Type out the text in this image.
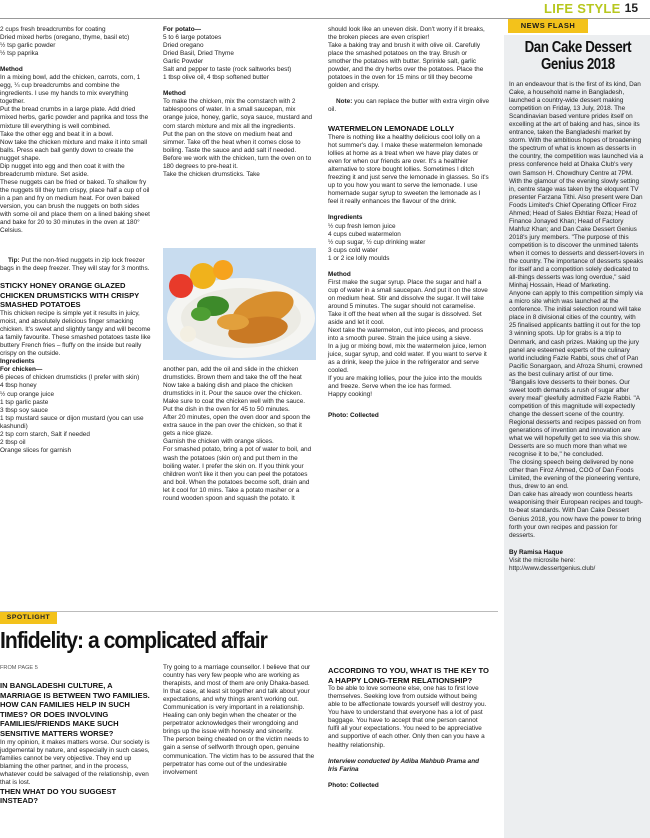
LIFE STYLE 15

2 cups fresh breadcrumbs for coating
Dried mixed herbs (oregano, thyme, basil etc)
½ tsp garlic powder
½ tsp paprika

Method

In a mixing bowl, add the chicken, carrots, corn, 1 egg, ¼ cup breadcrumbs and combine the ingredients. I use my hands to mix everything together.
Put the bread crumbs in a large plate. Add dried mixed herbs, garlic powder and paprika and toss the mixture till everything is well combined.
Take the other egg and beat it in a bowl.
Now take the chicken mixture and make it into small balls. Press each ball gently down to create the nugget shape.
Dip nugget into egg and then coat it with the breadcrumb mixture. Set aside.
These nuggets can be fried or baked. To shallow fry the nuggets till they turn crispy, place half a cup of oil in a pan and fry on medium heat. For oven baked version, you can brush the nuggets on both sides with some oil and place them on a lined baking sheet and bake for 20 to 30 minutes in the oven at 180° Celsius.

Tip: Put the non-fried nuggets in zip lock freezer bags in the deep freezer. They will stay for 3 months.

STICKY HONEY ORANGE GLAZED CHICKEN DRUMSTICKS WITH CRISPY SMASHED POTATOES

This chicken recipe is simple yet it results in juicy, moist, and absolutely delicious finger smacking chicken. It's sweet and slightly tangy and will become a family favourite. These smashed potatoes taste like buttery French fries – fluffy on the inside but really crispy on the outside.

Ingredients

For chicken—

6 pieces of chicken drumsticks (I prefer with skin)
4 tbsp honey
½ cup orange juice
1 tsp garlic paste
3 tbsp soy sauce
1 tsp mustard sauce or dijon mustard (you can use kashundi)
2 tsp corn starch, Salt if needed
2 tbsp oil
Orange slices for garnish

For potato—

5 to 6 large potatoes
Dried oregano
Dried Basil, Dried Thyme
Garlic Powder
Salt and pepper to taste (rock saltworks best)
1 tbsp olive oil, 4 tbsp softened butter

Method

To make the chicken, mix the cornstarch with 2 tablespoons of water. In a small saucepan, mix orange juice, honey, garlic, soya sauce, mustard and corn starch mixture and mix all the ingredients.
Put the pan on the stove on medium heat and simmer. Take off the heat when it comes close to boiling. Taste the sauce and add salt if needed. Before we work with the chicken, turn the oven on to 180 degrees to pre-heat it.
Take the chicken drumsticks. Take

another pan, add the oil and slide in the chicken drumsticks. Brown them and take the off the heat
Now take a baking dish and place the chicken drumsticks in it. Pour the sauce over the chicken. Make sure to coat the chicken well with the sauce. Put the dish in the oven for 45 to 50 minutes.
After 20 minutes, open the oven door and spoon the extra sauce in the pan over the chicken, so that it gets a nice glaze.
Garnish the chicken with orange slices.
For smashed potato, bring a pot of water to boil, and wash the potatoes (skin on) and put them in the boiling water. I prefer the skin on. If you think your children won't like it then you can peel the potatoes and boil. When the potatoes become soft, drain and let it cool for 10 mins. Take a potato masher or a round wooden spoon and squash the potato. It

should look like an uneven disk. Don't worry if it breaks, the broken pieces are even crispier!
Take a baking tray and brush it with olive oil. Carefully place the smashed potatoes on the tray. Brush or smother the potatoes with butter. Sprinkle salt, garlic powder, and the dry herbs over the potatoes. Place the potatoes in the oven for 15 mins or till they become golden and crispy.

Note: you can replace the butter with extra virgin olive oil.

WATERMELON LEMONADE LOLLY

There is nothing like a healthy delicious cool lolly on a hot summer's day. I make these watermelon lemonade lollies at home as a treat when we have play dates or even for when our friends are over. It's a healthier alternative to store bought lollies. Sometimes I ditch freezing it and just serve the lemonade in glasses. So it's up to you how you want to serve the lemonade. I use homemade sugar syrup to sweeten the lemonade as I feel it really enhances the flavour of the drink.

Ingredients

½ cup fresh lemon juice
4 cups cubed watermelon
½ cup sugar, ½ cup drinking water
3 cups cold water
1 or 2 ice lolly moulds

Method

First make the sugar syrup. Place the sugar and half a cup of water in a small saucepan. And put it on the stove on medium heat. Stir and dissolve the sugar. It will take around 5 minutes. The sugar should not caramelise. Take it off the heat when all the sugar is dissolved. Set aside and let it cool.
Next take the watermelon, cut into pieces, and process into a smooth puree. Strain the juice using a sieve.
In a jug or mixing bowl, mix the watermelon juice, lemon juice, sugar syrup, and cold water. If you want to serve it as a drink, keep the juice in the refrigerator and serve cooled.
If you are making lollies, pour the juice into the moulds and freeze. Serve when the ice has formed.
Happy cooking!

Photo: Collected

NEWS FLASH
Dan Cake Dessert Genius 2018

In an endeavour that is the first of its kind, Dan Cake, a household name in Bangladesh, launched a country-wide dessert making competition on Friday, 13 July, 2018. The Scandinavian based venture prides itself on excelling at the art of baking and has, since its entrance, taken the Bangladeshi market by storm. With the ambitious hopes of broadening the spectrum of what is known as desserts in the country, the competition was launched via a press conference held at Dhaka Club's very own Samson H. Chowdhury Centre at 7PM.
With the glamour of the evening slowly setting in, centre stage was taken by the eloquent TV presenter Farzana Tithi. Also present were Dan Foods Limited's Chief Operating Officer Firoz Ahmed; Head of Sales Ekhtiar Reza; Head of Finance Jonayed Khan; Head of Factory Mahfuz Khan; and Dan Cake Dessert Genius 2018's jury members. "The purpose of this competition is to discover the unmined talents when it comes to desserts and dessert-lovers in the country. The importance of desserts speaks for itself and a competition solely dedicated to all-things desserts was long overdue," said Minhaj Hossain, Head of Marketing.
Anyone can apply to this competition simply via a micro site which was launched at the conference. The initial selection round will take place in 8 divisional cities of the country, with 25 finalised applicants battling it out for the top 3 winning spots. Up for grabs is a trip to Denmark, and cash prizes. Making up the jury panel are esteemed experts of the culinary world including Fazle Rabbi, sous chef of Pan Pacific Sonargaon, and Afroza Shumi, crowned as the best culinary artist of our time.
"Bangalis love desserts to their bones. Our sweet tooth demands a rush of sugar after every meal" gleefully admitted Fazle Rabbi. "A competition of this magnitude will expectedly change the dessert scene of the country. Regional desserts and recipes passed on from generations of invention and innovation are what we will hopefully get to see via this show. Desserts are so much more than what we recognise it to be," he concluded.
The closing speech being delivered by none other than Firoz Ahmed, COO of Dan Foods Limited, the evening of the pioneering venture, thus, drew to an end.
Dan cake has already won countless hearts weaponising their European recipes and tough-to-beat standards. With Dan Cake Dessert Genius 2018, you now have the power to bring forth your own recipes and passion for desserts.

By Ramisa Haque

Visit the microsite here:

http://www.dessertgenius.club/

SPOTLIGHT
Infidelity: a complicated affair

FROM PAGE 5

IN BANGLADESHI CULTURE, A MARRIAGE IS BETWEEN TWO FAMILIES. HOW CAN FAMILIES HELP IN SUCH TIMES? OR DOES INVOLVING FAMILIES/FRIENDS MAKE SUCH SENSITIVE MATTERS WORSE?

In my opinion, it makes matters worse. Our society is judgemental by nature, and especially in such cases, families cannot be very objective. They end up blaming the other partner, and in the process, whatever could be salvaged of the relationship, even that is lost.

THEN WHAT DO YOU SUGGEST INSTEAD?

Try going to a marriage counsellor. I believe that our country has very few people who are working as therapists, and most of them are only Dhaka-based. In that case, at least sit together and talk about your expectations, and why things aren't working out. Communication is very important in a relationship.
Healing can only begin when the cheater or the perpetrator acknowledges their wrongdoing and brings up the issue with honesty and sincerity.
The person being cheated on or the victim needs to gain a sense of selfworth through open, genuine communication. The victim has to be assured that the perpetrator has come out of the undesirable involvement

ACCORDING TO YOU, WHAT IS THE KEY TO A HAPPY LONG-TERM RELATIONSHIP?

To be able to love someone else, one has to first love themselves. Seeking love from outside without being able to be affectionate towards yourself will destroy you. You have to understand that everyone has a lot of past baggage. You have to accept that one person cannot fulfil all your expectations. You need to be appreciative and supportive of each other. Only then can you have a healthy relationship.

Interview conducted by Adiba Mahbub Prama and Iris Farina

Photo: Collected
